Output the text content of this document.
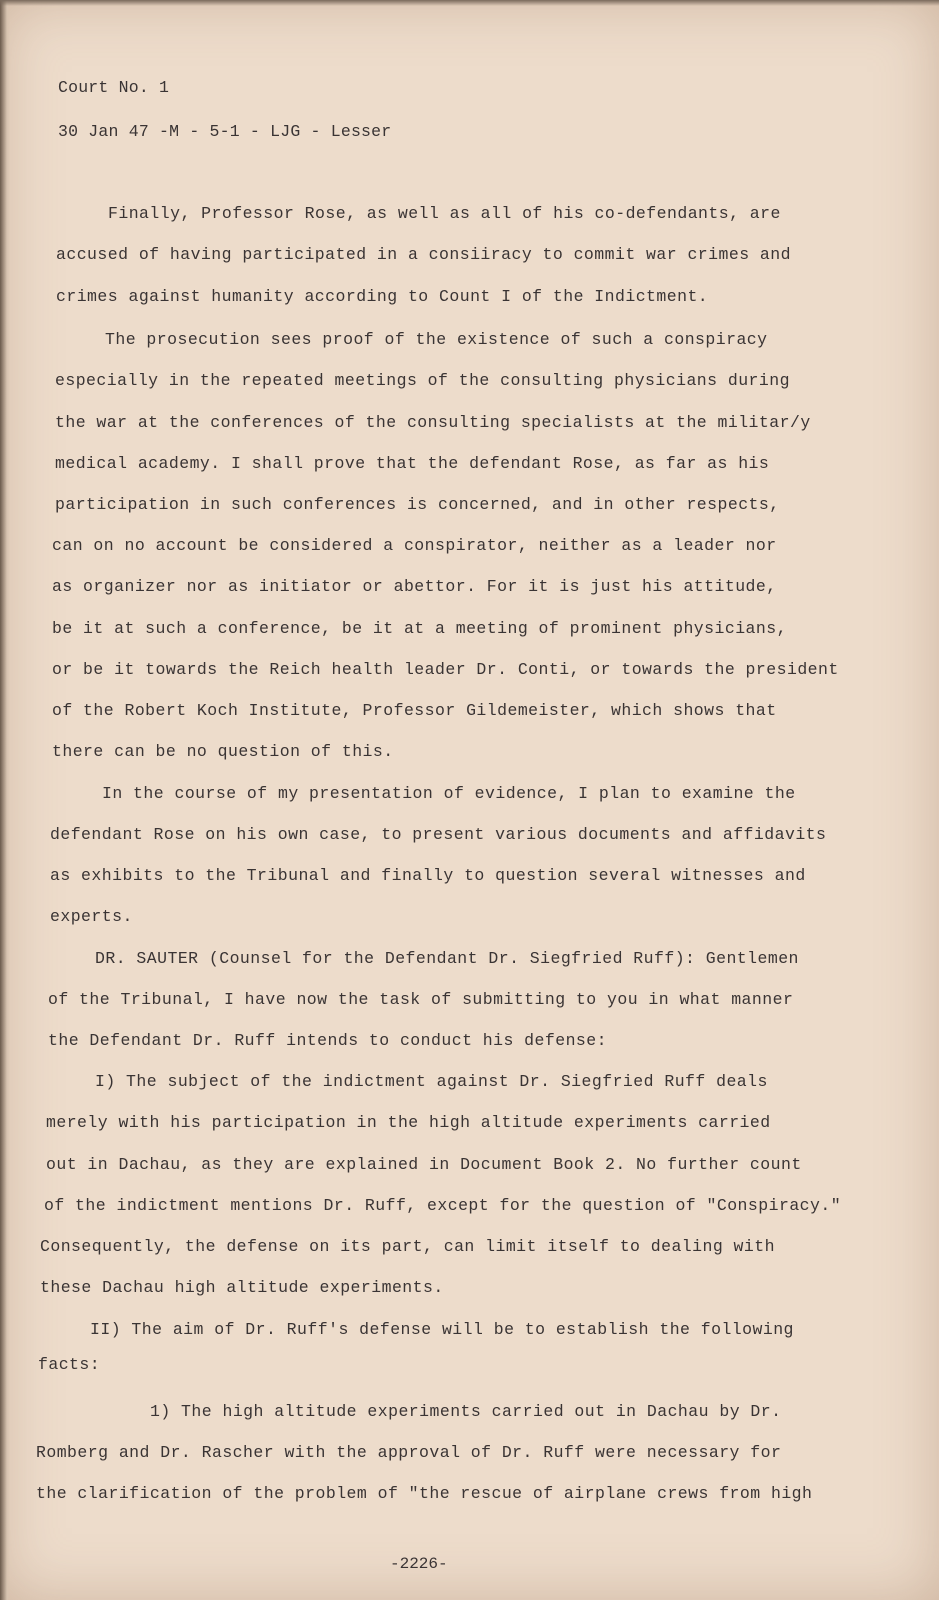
Court No. 1
30 Jan 47 -M - 5-1 - LJG - Lesser
Finally, Professor Rose, as well as all of his co-defendants, are
accused of having participated in a consiiracy to commit war crimes and
crimes against humanity according to Count I of the Indictment.
The prosecution sees proof of the existence of such a conspiracy
especially in the repeated meetings of the consulting physicians during
the war at the conferences of the consulting specialists at the militar/y
medical academy. I shall prove that the defendant Rose, as far as his
participation in such conferences is concerned, and in other respects,
can on no account be considered a conspirator, neither as a leader nor
as organizer nor as initiator or abettor. For it is just his attitude,
be it at such a conference, be it at a meeting of prominent physicians,
or be it towards the Reich health leader Dr. Conti, or towards the president
of the Robert Koch Institute, Professor Gildemeister, which shows that
there can be no question of this.
In the course of my presentation of evidence, I plan to examine the
defendant Rose on his own case, to present various documents and affidavits
as exhibits to the Tribunal and finally to question several witnesses and
experts.
DR. SAUTER (Counsel for the Defendant Dr. Siegfried Ruff): Gentlemen
of the Tribunal, I have now the task of submitting to you in what manner
the Defendant Dr. Ruff intends to conduct his defense:
I) The subject of the indictment against Dr. Siegfried Ruff deals
merely with his participation in the high altitude experiments carried
out in Dachau, as they are explained in Document Book 2. No further count
of the indictment mentions Dr. Ruff, except for the question of "Conspiracy."
Consequently, the defense on its part, can limit itself to dealing with
these Dachau high altitude experiments.
II) The aim of Dr. Ruff's defense will be to establish the following
facts:
1) The high altitude experiments carried out in Dachau by Dr.
Romberg and Dr. Rascher with the approval of Dr. Ruff were necessary for
the clarification of the problem of "the rescue of airplane crews from high
-2226-
